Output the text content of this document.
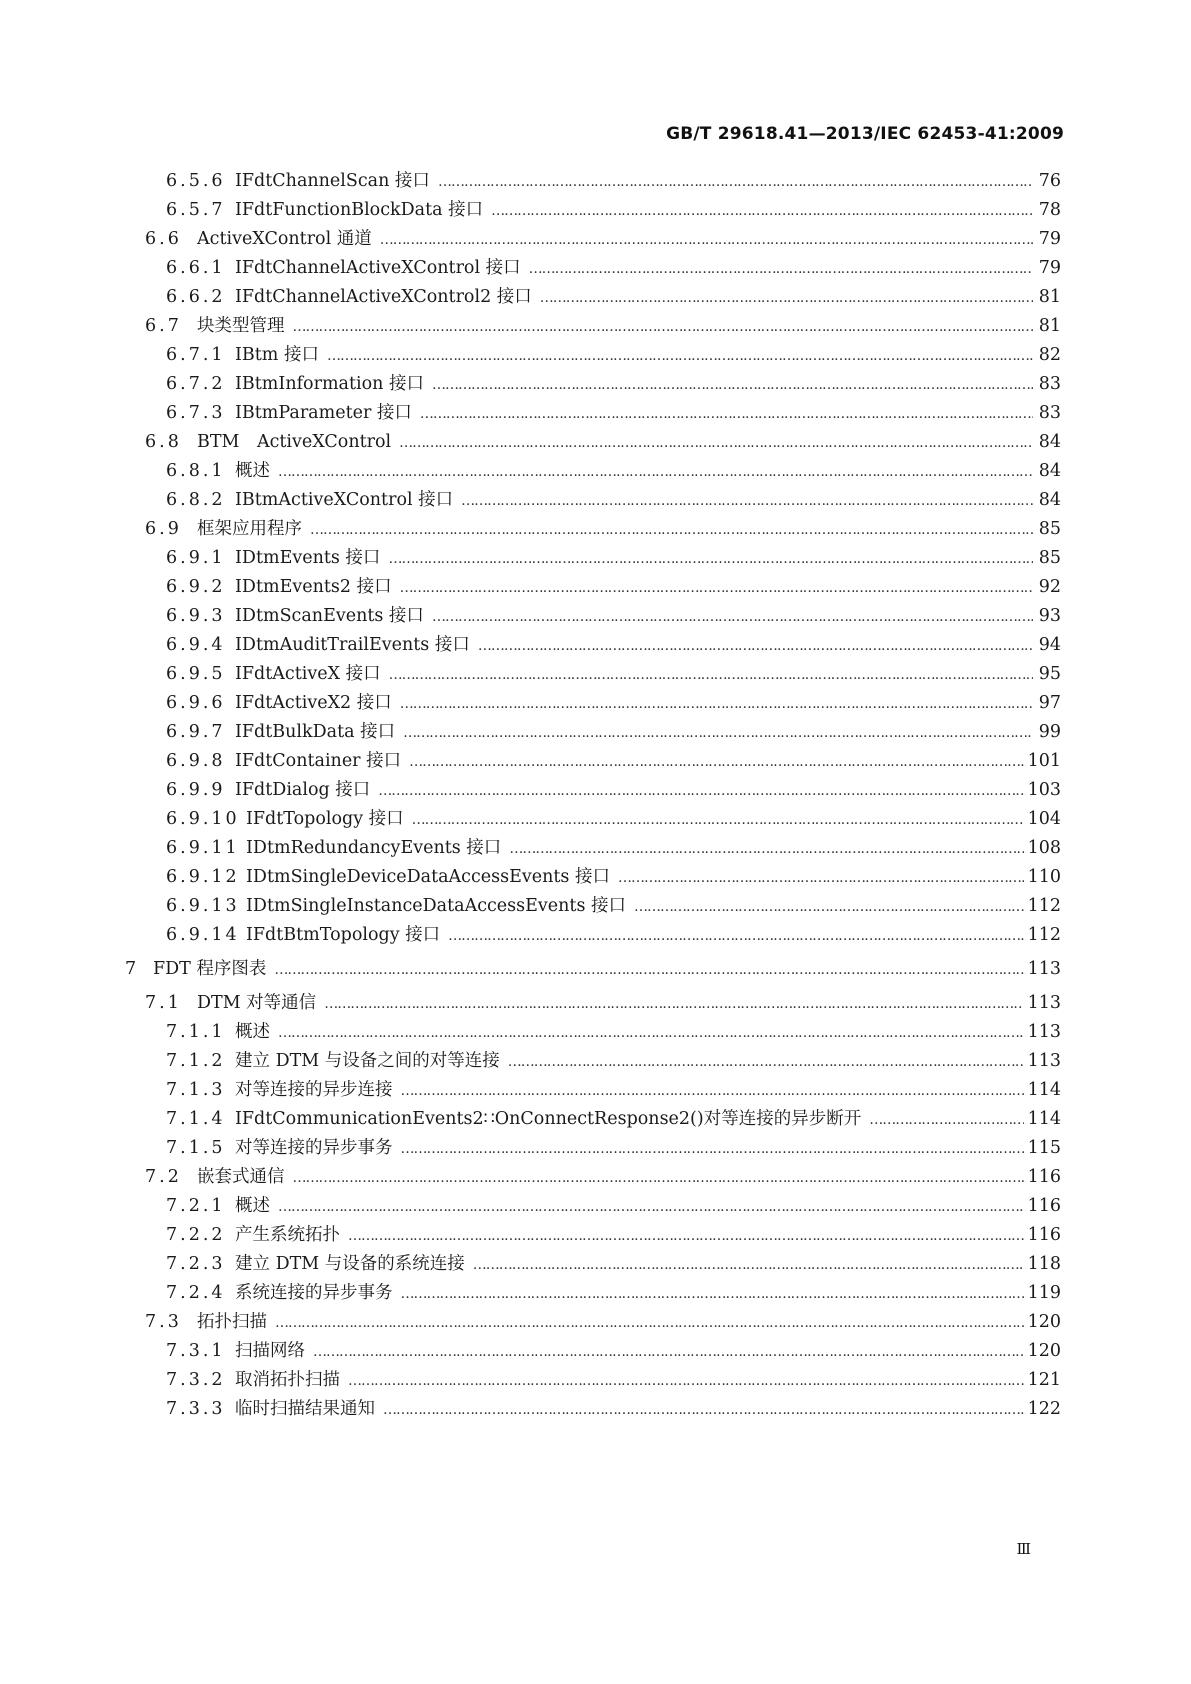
GB/T 29618.41—2013/IEC 62453-41:2009
6.5.6 IFdtChannelScan 接口 …………………………………………………………………………………………………………………………………………………………………………………………………………………………………………………………………	76
6.5.7 IFdtFunctionBlockData 接口 …………………………………………………………………………………………………………………………………………………………………………………………………………………………………………………………………	78
6.6 ActiveXControl 通道 …………………………………………………………………………………………………………………………………………………………………………………………………………………………………………………………………	79
6.6.1 IFdtChannelActiveXControl 接口 …………………………………………………………………………………………………………………………………………………………………………………………………………………………………………………………………	79
6.6.2 IFdtChannelActiveXControl2 接口 …………………………………………………………………………………………………………………………………………………………………………………………………………………………………………………………………	81
6.7 块类型管理 …………………………………………………………………………………………………………………………………………………………………………………………………………………………………………………………………	81
6.7.1 IBtm 接口 …………………………………………………………………………………………………………………………………………………………………………………………………………………………………………………………………	82
6.7.2 IBtmInformation 接口 …………………………………………………………………………………………………………………………………………………………………………………………………………………………………………………………………	83
6.7.3 IBtmParameter 接口 …………………………………………………………………………………………………………………………………………………………………………………………………………………………………………………………………	83
6.8 BTM　ActiveXControl …………………………………………………………………………………………………………………………………………………………………………………………………………………………………………………………………	84
6.8.1 概述 …………………………………………………………………………………………………………………………………………………………………………………………………………………………………………………………………	84
6.8.2 IBtmActiveXControl 接口 …………………………………………………………………………………………………………………………………………………………………………………………………………………………………………………………………	84
6.9 框架应用程序 …………………………………………………………………………………………………………………………………………………………………………………………………………………………………………………………………	85
6.9.1 IDtmEvents 接口 …………………………………………………………………………………………………………………………………………………………………………………………………………………………………………………………………	85
6.9.2 IDtmEvents2 接口 …………………………………………………………………………………………………………………………………………………………………………………………………………………………………………………………………	92
6.9.3 IDtmScanEvents 接口 …………………………………………………………………………………………………………………………………………………………………………………………………………………………………………………………………	93
6.9.4 IDtmAuditTrailEvents 接口 …………………………………………………………………………………………………………………………………………………………………………………………………………………………………………………………………	94
6.9.5 IFdtActiveX 接口 …………………………………………………………………………………………………………………………………………………………………………………………………………………………………………………………………	95
6.9.6 IFdtActiveX2 接口 …………………………………………………………………………………………………………………………………………………………………………………………………………………………………………………………………	97
6.9.7 IFdtBulkData 接口 …………………………………………………………………………………………………………………………………………………………………………………………………………………………………………………………………	99
6.9.8 IFdtContainer 接口 …………………………………………………………………………………………………………………………………………………………………………………………………………………………………………………………………	101
6.9.9 IFdtDialog 接口 …………………………………………………………………………………………………………………………………………………………………………………………………………………………………………………………………	103
6.9.10 IFdtTopology 接口 …………………………………………………………………………………………………………………………………………………………………………………………………………………………………………………………………	104
6.9.11 IDtmRedundancyEvents 接口 …………………………………………………………………………………………………………………………………………………………………………………………………………………………………………………………………	108
6.9.12 IDtmSingleDeviceDataAccessEvents 接口 …………………………………………………………………………………………………………………………………………………………………………………………………………………………………………………………………	110
6.9.13 IDtmSingleInstanceDataAccessEvents 接口 …………………………………………………………………………………………………………………………………………………………………………………………………………………………………………………………………	112
6.9.14 IFdtBtmTopology 接口 …………………………………………………………………………………………………………………………………………………………………………………………………………………………………………………………………	112
7 FDT 程序图表 …………………………………………………………………………………………………………………………………………………………………………………………………………………………………………………………………	113
7.1 DTM 对等通信 …………………………………………………………………………………………………………………………………………………………………………………………………………………………………………………………………	113
7.1.1 概述 …………………………………………………………………………………………………………………………………………………………………………………………………………………………………………………………………	113
7.1.2 建立 DTM 与设备之间的对等连接 …………………………………………………………………………………………………………………………………………………………………………………………………………………………………………………………………	113
7.1.3 对等连接的异步连接 …………………………………………………………………………………………………………………………………………………………………………………………………………………………………………………………………	114
7.1.4 IFdtCommunicationEvents2∷OnConnectResponse2()对等连接的异步断开 …………………………………………………………………………………………………………………………………………………………………………………………………………………………………………………………………	114
7.1.5 对等连接的异步事务 …………………………………………………………………………………………………………………………………………………………………………………………………………………………………………………………………	115
7.2 嵌套式通信 …………………………………………………………………………………………………………………………………………………………………………………………………………………………………………………………………	116
7.2.1 概述 …………………………………………………………………………………………………………………………………………………………………………………………………………………………………………………………………	116
7.2.2 产生系统拓扑 …………………………………………………………………………………………………………………………………………………………………………………………………………………………………………………………………	116
7.2.3 建立 DTM 与设备的系统连接 …………………………………………………………………………………………………………………………………………………………………………………………………………………………………………………………………	118
7.2.4 系统连接的异步事务 …………………………………………………………………………………………………………………………………………………………………………………………………………………………………………………………………	119
7.3 拓扑扫描 …………………………………………………………………………………………………………………………………………………………………………………………………………………………………………………………………	120
7.3.1 扫描网络 …………………………………………………………………………………………………………………………………………………………………………………………………………………………………………………………………	120
7.3.2 取消拓扑扫描 …………………………………………………………………………………………………………………………………………………………………………………………………………………………………………………………………	121
7.3.3 临时扫描结果通知 …………………………………………………………………………………………………………………………………………………………………………………………………………………………………………………………………	122
Ⅲ
